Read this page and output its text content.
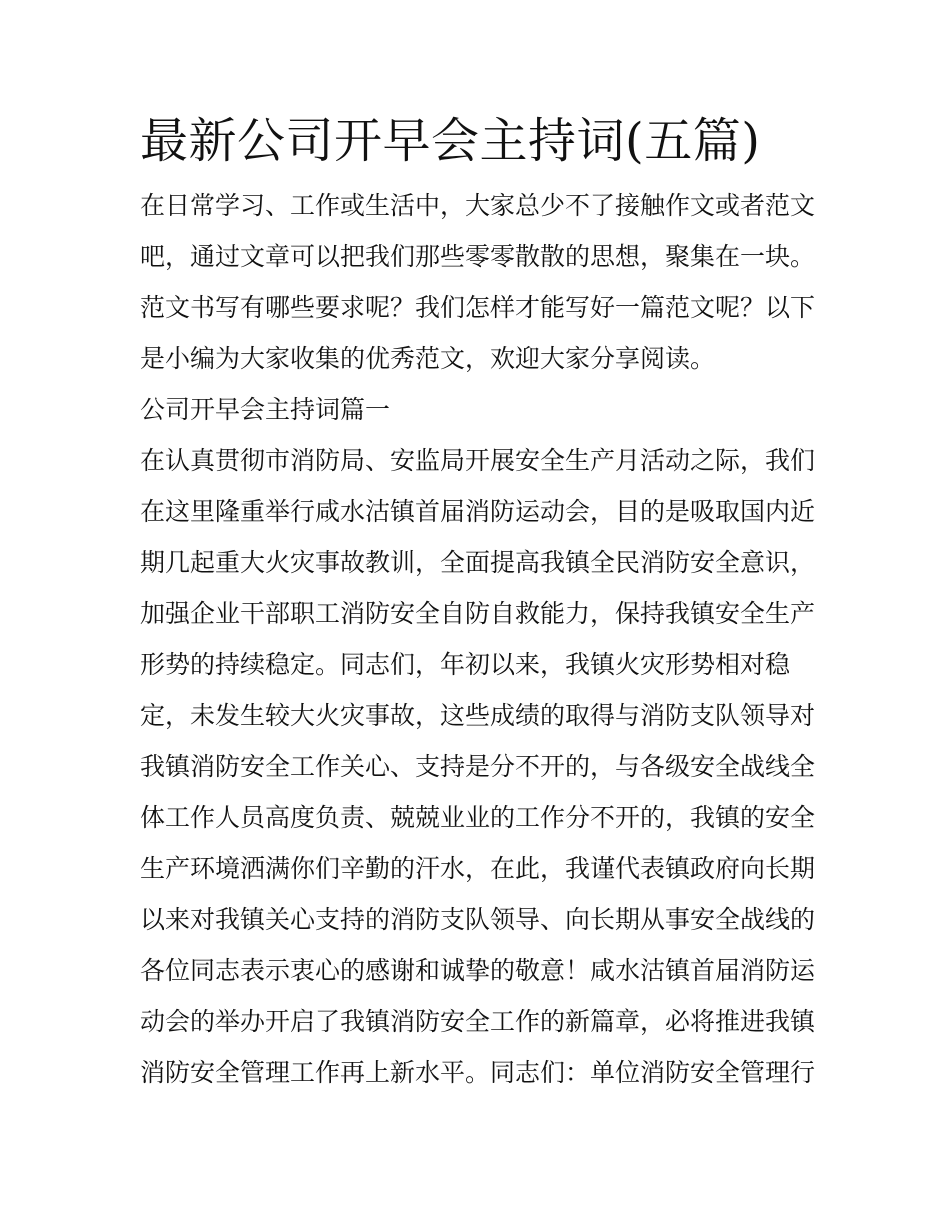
最新公司开早会主持词(五篇)
在日常学习、工作或生活中，大家总少不了接触作文或者范文
吧，通过文章可以把我们那些零零散散的思想，聚集在一块。
范文书写有哪些要求呢？我们怎样才能写好一篇范文呢？以下
是小编为大家收集的优秀范文，欢迎大家分享阅读。
公司开早会主持词篇一
在认真贯彻市消防局、安监局开展安全生产月活动之际，我们
在这里隆重举行咸水沽镇首届消防运动会，目的是吸取国内近
期几起重大火灾事故教训，全面提高我镇全民消防安全意识，
加强企业干部职工消防安全自防自救能力，保持我镇安全生产
形势的持续稳定。同志们，年初以来，我镇火灾形势相对稳
定，未发生较大火灾事故，这些成绩的取得与消防支队领导对
我镇消防安全工作关心、支持是分不开的，与各级安全战线全
体工作人员高度负责、兢兢业业的工作分不开的，我镇的安全
生产环境洒满你们辛勤的汗水，在此，我谨代表镇政府向长期
以来对我镇关心支持的消防支队领导、向长期从事安全战线的
各位同志表示衷心的感谢和诚挚的敬意！咸水沽镇首届消防运
动会的举办开启了我镇消防安全工作的新篇章，必将推进我镇
消防安全管理工作再上新水平。同志们：单位消防安全管理行
